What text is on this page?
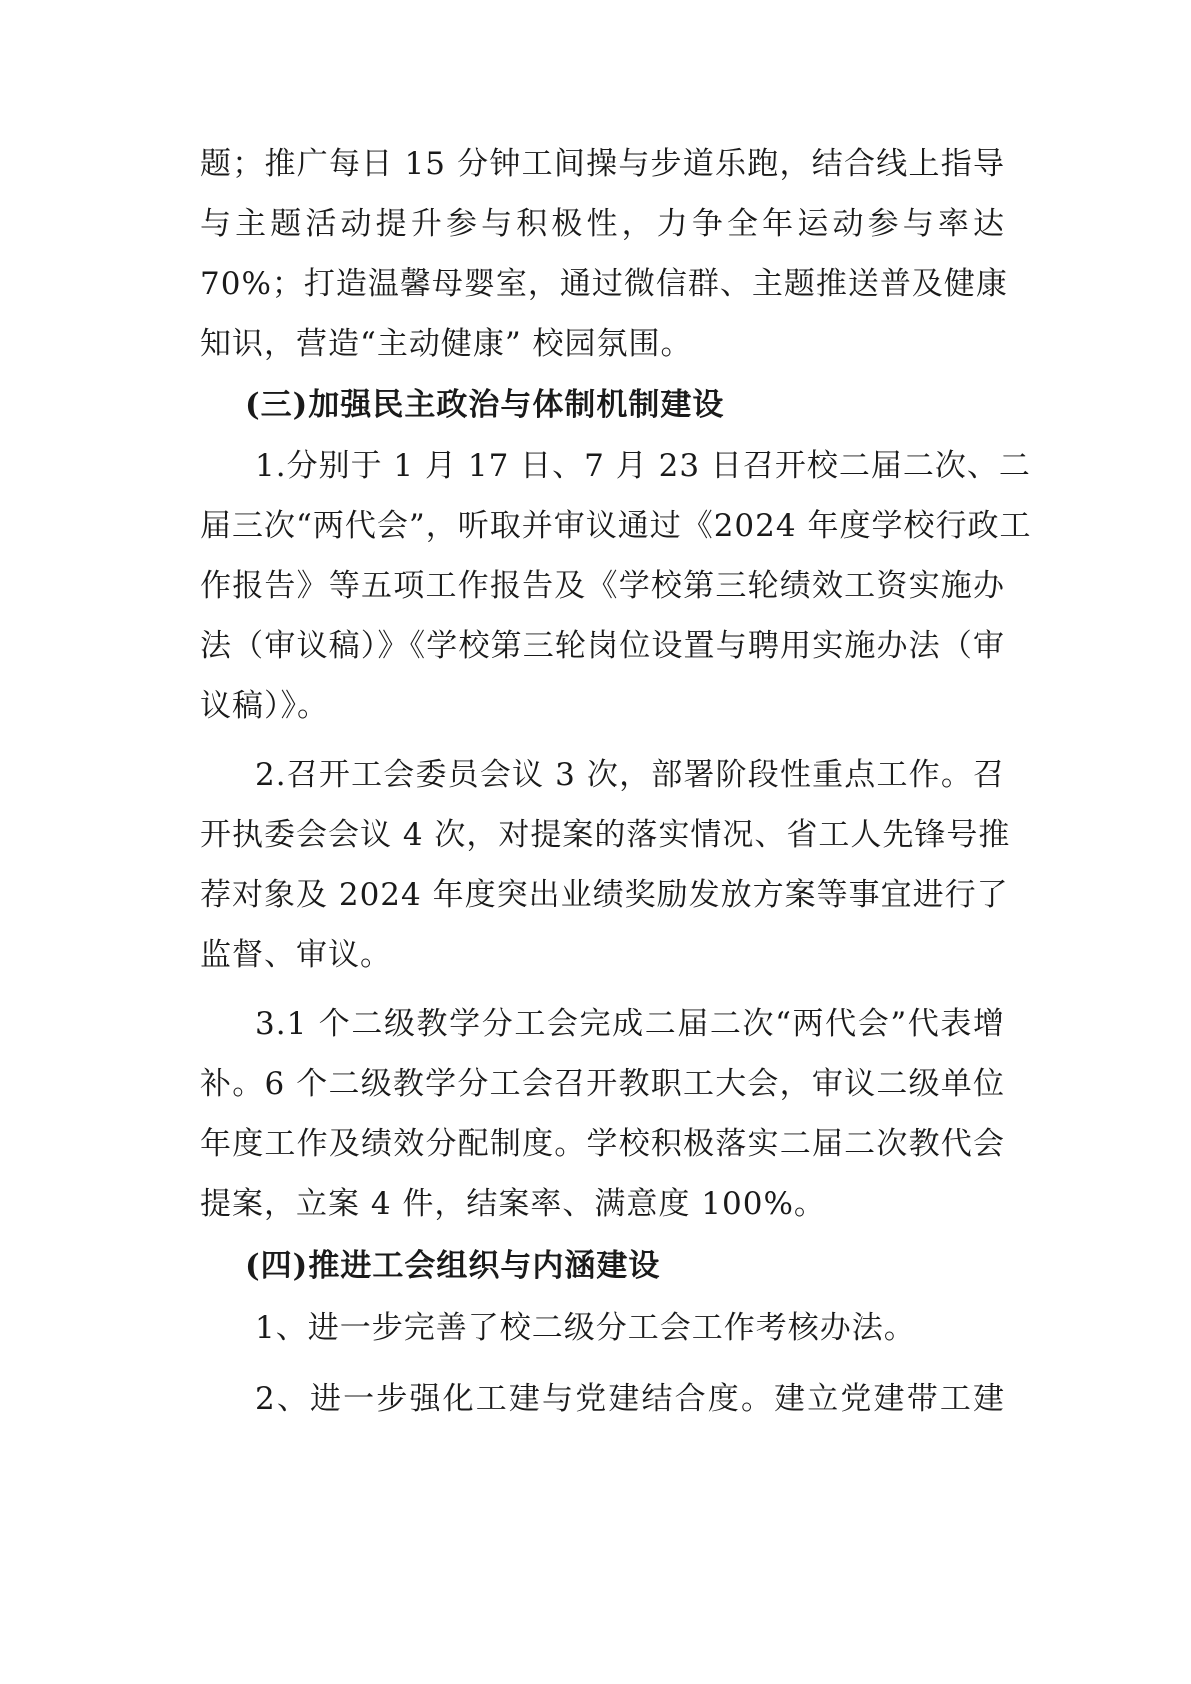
题；推广每日 15 分钟工间操与步道乐跑，结合线上指导
与主题活动提升参与积极性，力争全年运动参与率达
70%；打造温馨母婴室，通过微信群、主题推送普及健康
知识，营造“主动健康” 校园氛围。
(三)加强民主政治与体制机制建设
1.分别于 1 月 17 日、7 月 23 日召开校二届二次、二
届三次“两代会”，听取并审议通过《2024 年度学校行政工
作报告》等五项工作报告及《学校第三轮绩效工资实施办
法（审议稿）》《学校第三轮岗位设置与聘用实施办法（审
议稿）》。
2.召开工会委员会议 3 次，部署阶段性重点工作。召
开执委会会议 4 次，对提案的落实情况、省工人先锋号推
荐对象及 2024 年度突出业绩奖励发放方案等事宜进行了
监督、审议。
3.1 个二级教学分工会完成二届二次“两代会”代表增
补。6 个二级教学分工会召开教职工大会，审议二级单位
年度工作及绩效分配制度。学校积极落实二届二次教代会
提案，立案 4 件，结案率、满意度 100%。
(四)推进工会组织与内涵建设
1、进一步完善了校二级分工会工作考核办法。
2、进一步强化工建与党建结合度。建立党建带工建
